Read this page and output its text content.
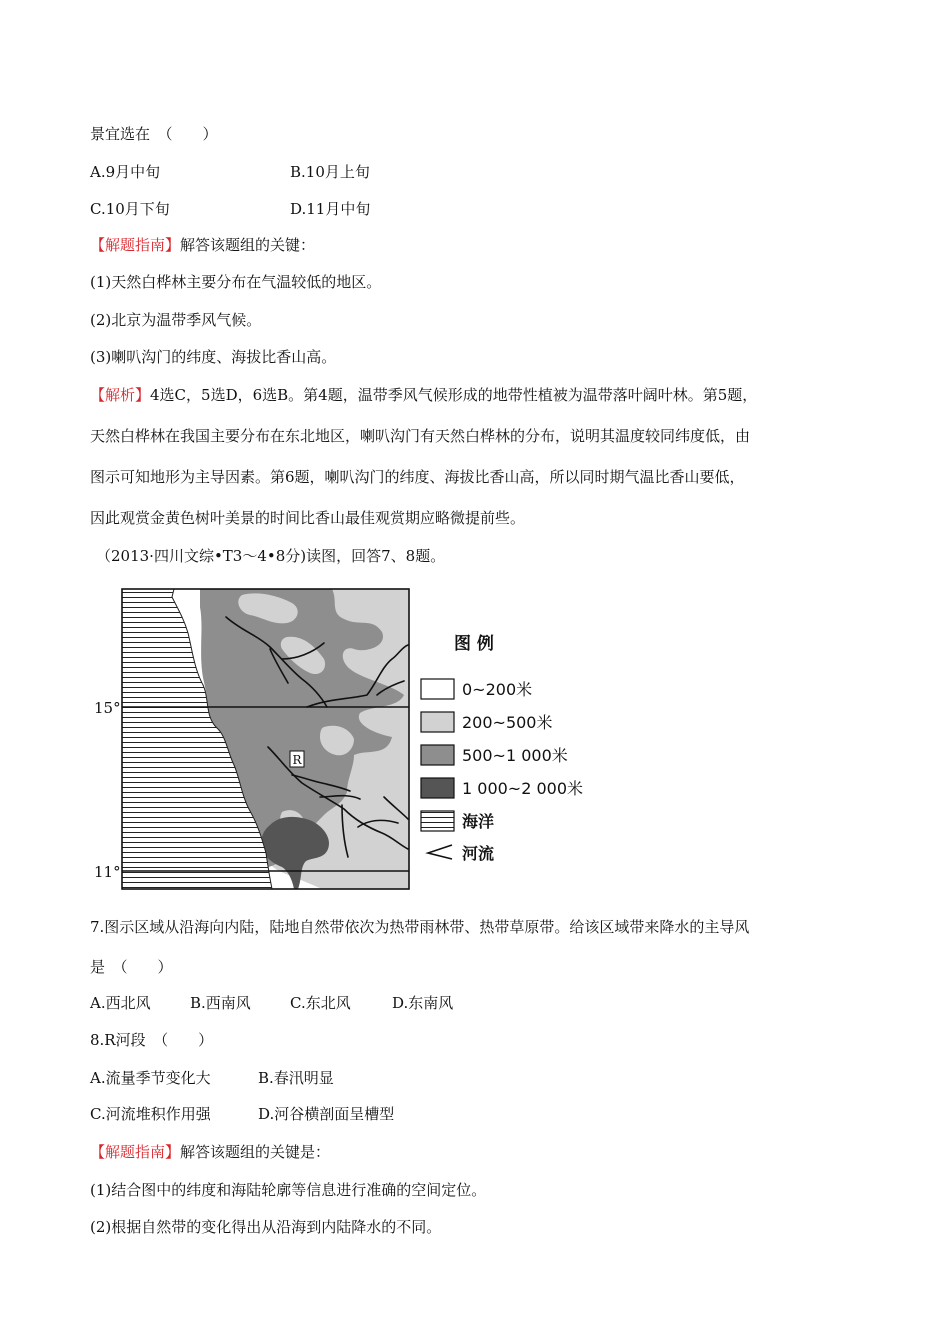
景宜选在　（　　）
A.9月中旬	B.10月上旬
C.10月下旬	D.11月中旬
【解题指南】解答该题组的关键：
(1)天然白桦林主要分布在气温较低的地区。
(2)北京为温带季风气候。
(3)喇叭沟门的纬度、海拔比香山高。
【解析】4选C，5选D，6选B。第4题，温带季风气候形成的地带性植被为温带落叶阔叶林。第5题，
天然白桦林在我国主要分布在东北地区，喇叭沟门有天然白桦林的分布，说明其温度较同纬度低，由
图示可知地形为主导因素。第6题，喇叭沟门的纬度、海拔比香山高，所以同时期气温比香山要低，
因此观赏金黄色树叶美景的时间比香山最佳观赏期应略微提前些。
（2013·四川文综•T3～4•8分)读图，回答7、8题。
R
15°
11°
图 例
0~200米
200~500米
500~1 000米
1 000~2 000米
海洋
河流
7.图示区域从沿海向内陆，陆地自然带依次为热带雨林带、热带草原带。给该区域带来降水的主导风
是　（　　）
A.西北风	B.西南风	C.东北风	D.东南风
8.R河段　（　　）
A.流量季节变化大	B.春汛明显
C.河流堆积作用强	D.河谷横剖面呈槽型
【解题指南】解答该题组的关键是：
(1)结合图中的纬度和海陆轮廓等信息进行准确的空间定位。
(2)根据自然带的变化得出从沿海到内陆降水的不同。
